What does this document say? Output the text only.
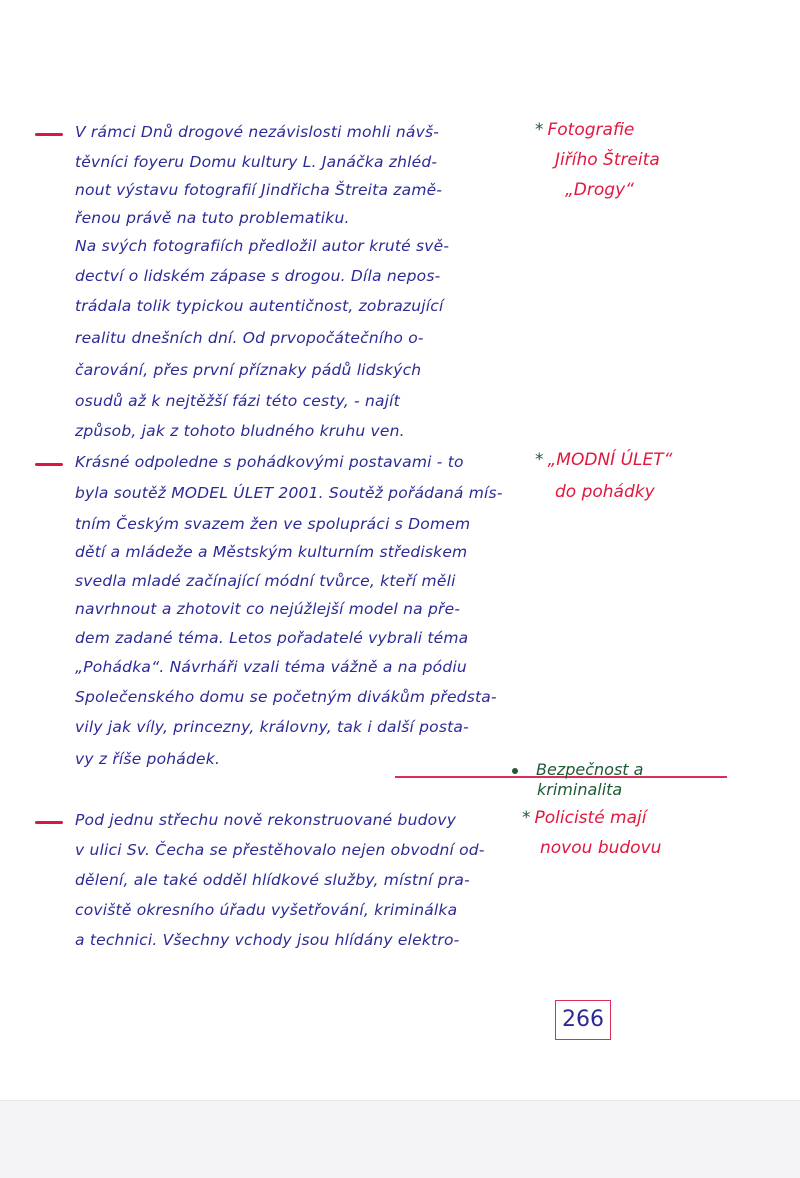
V rámci Dnů drogové nezávislosti mohli návš-
těvníci foyeru Domu kultury L. Janáčka zhléd-
nout výstavu fotografií Jindřicha Štreita zamě-
řenou právě na tuto problematiku.
Na svých fotografiích předložil autor kruté svě-
dectví o lidském zápase s drogou. Díla nepos-
trádala tolik typickou autentičnost, zobrazující
realitu dnešních dní. Od prvopočátečního o-
čarování, přes první příznaky pádů lidských
osudů až k nejtěžší fázi této cesty, - najít
způsob, jak z tohoto bludného kruhu ven.
* Fotografie
Jiřího Štreita
„Drogy“
Krásné odpoledne s pohádkovými postavami - to
byla soutěž MODEL ÚLET 2001. Soutěž pořádaná mís-
tním Českým svazem žen ve spolupráci s Domem
dětí a mládeže a Městským kulturním střediskem
svedla mladé začínající módní tvůrce, kteří měli
navrhnout a zhotovit co nejúžlejší model na pře-
dem zadané téma. Letos pořadatelé vybrali téma
„Pohádka“. Návrháři vzali téma vážně a na pódiu
Společenského domu se početným divákům předsta-
vily jak víly, princezny, královny, tak i další posta-
vy z říše pohádek.
* „MODNÍ ÚLET“
do pohádky
Pod jednu střechu nově rekonstruované budovy
v ulici Sv. Čecha se přestěhovalo nejen obvodní od-
dělení, ale také odděl hlídkové služby, místní pra-
coviště okresního úřadu vyšetřování, kriminálka
a technici. Všechny vchody jsou hlídány elektro-
* Policisté mají
novou budovu
Bezpečnost a
kriminalita
266
